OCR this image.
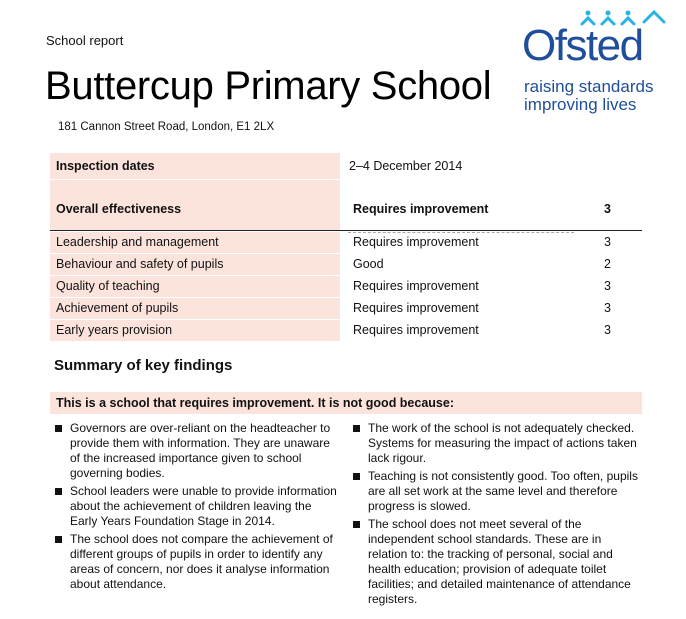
School report
Buttercup Primary School
181 Cannon Street Road, London, E1 2LX
Ofsted
raising standards
improving lives
Inspection dates	2–4 December 2014
Overall effectiveness	Requires improvement	3
Leadership and management	Requires improvement	3
Behaviour and safety of pupils	Good	2
Quality of teaching	Requires improvement	3
Achievement of pupils	Requires improvement	3
Early years provision	Requires improvement	3
Summary of key findings
This is a school that requires improvement. It is not good because:
Governors are over-reliant on the headteacher to provide them with information. They are unaware of the increased importance given to school governing bodies.
School leaders were unable to provide information about the achievement of children leaving the Early Years Foundation Stage in 2014.
The school does not compare the achievement of different groups of pupils in order to identify any areas of concern, nor does it analyse information about attendance.
The work of the school is not adequately checked. Systems for measuring the impact of actions taken lack rigour.
Teaching is not consistently good. Too often, pupils are all set work at the same level and therefore progress is slowed.
The school does not meet several of the independent school standards. These are in relation to: the tracking of personal, social and health education; provision of adequate toilet facilities; and detailed maintenance of attendance registers.
